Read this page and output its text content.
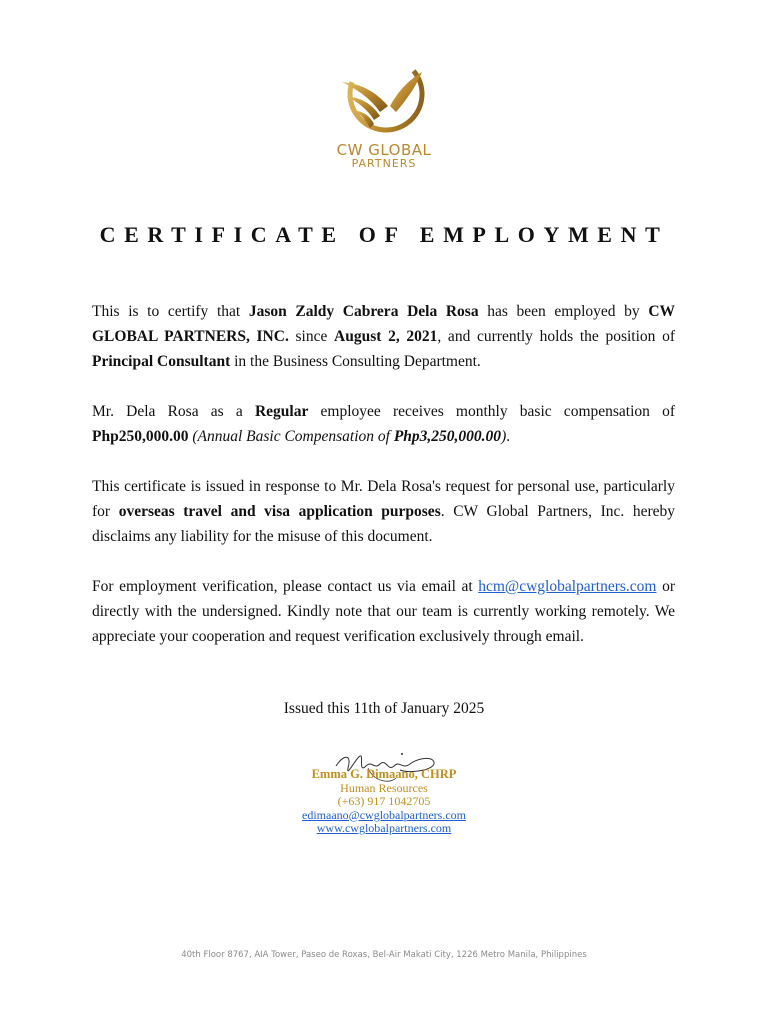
CW GLOBAL
PARTNERS
CERTIFICATE OF EMPLOYMENT

This is to certify that Jason Zaldy Cabrera Dela Rosa has been employed by CW GLOBAL PARTNERS, INC. since August 2, 2021, and currently holds the position of Principal Consultant in the Business Consulting Department.

Mr. Dela Rosa as a Regular employee receives monthly basic compensation of Php250,000.00 (Annual Basic Compensation of Php3,250,000.00).

This certificate is issued in response to Mr. Dela Rosa's request for personal use, particularly for overseas travel and visa application purposes. CW Global Partners, Inc. hereby disclaims any liability for the misuse of this document.

For employment verification, please contact us via email at hcm@cwglobalpartners.com or directly with the undersigned. Kindly note that our team is currently working remotely. We appreciate your cooperation and request verification exclusively through email.

Issued this 11th of January 2025
Emma G. Dimaano, CHRP
Human Resources
(+63) 917 1042705
edimaano@cwglobalpartners.com
www.cwglobalpartners.com
40th Floor 8767, AIA Tower, Paseo de Roxas, Bel-Air Makati City, 1226 Metro Manila, Philippines
